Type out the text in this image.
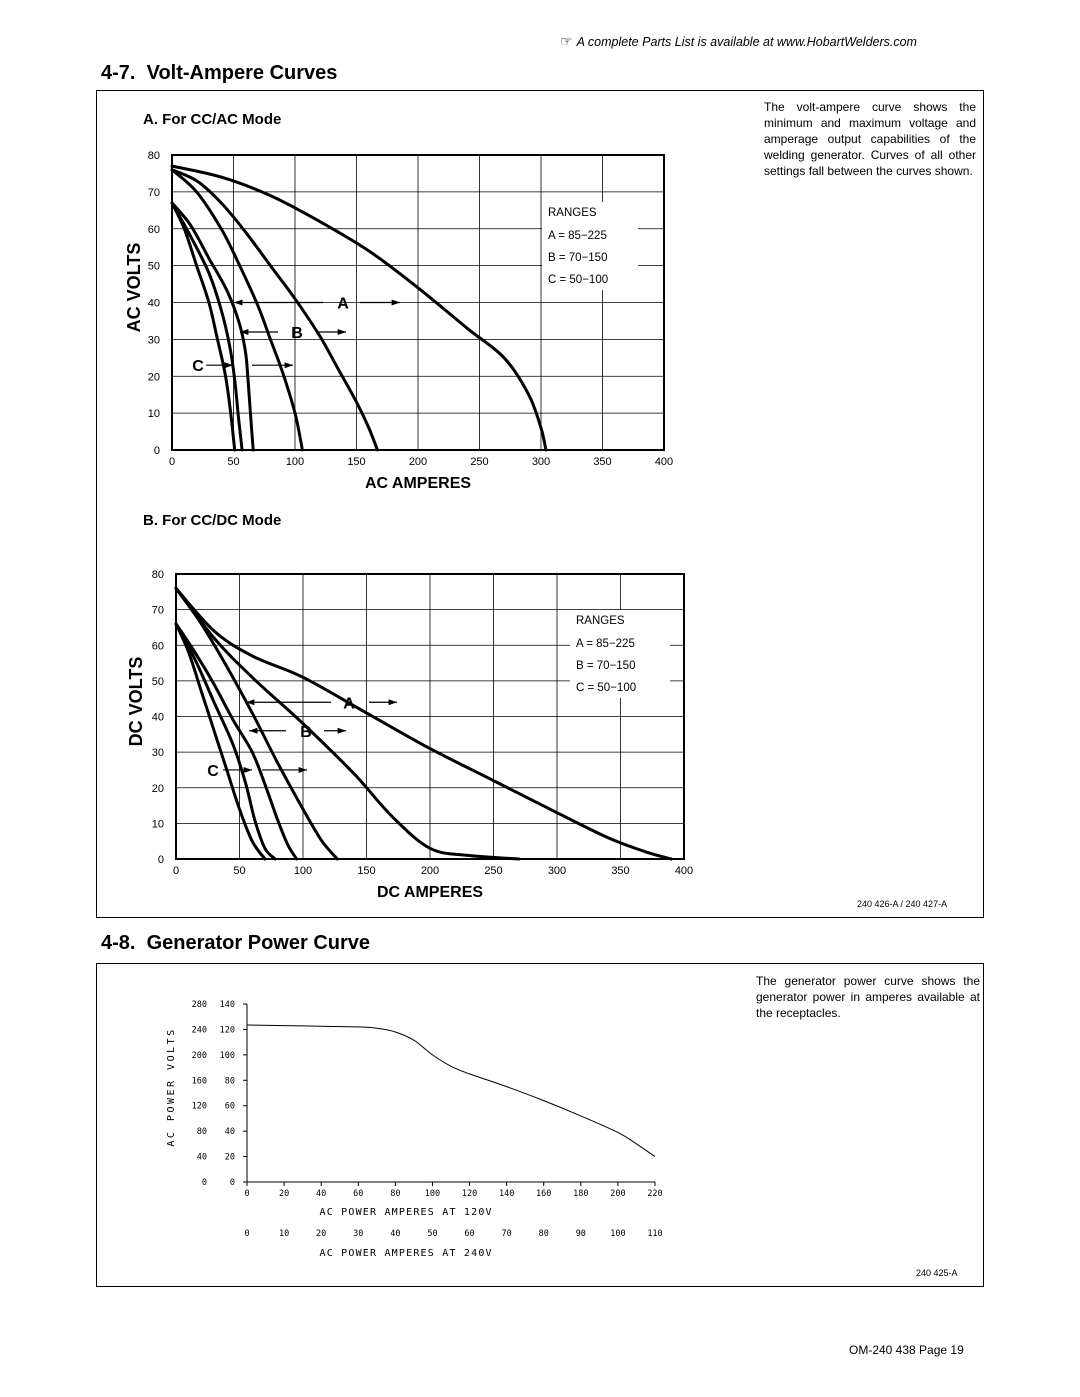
☞ A complete Parts List is available at www.HobartWelders.com
4-7. Volt-Ampere Curves
The volt-ampere curve shows the minimum and maximum voltage and amperage output capabilities of the welding generator. Curves of all other settings fall between the curves shown.
A. For CC/AC Mode
B. For CC/DC Mode
0	50	100	150	200	250	300	350	400
0
10
20
30
40
50
60
70
80
RANGES
A = 85−225
B = 70−150
C = 50−100
A
B
C
AC AMPERES
AC VOLTS
0	50	100	150	200	250	300	350	400
0
10
20
30
40
50
60
70
80
RANGES
A = 85−225
B = 70−150
C = 50−100
A
B
C
DC AMPERES
DC VOLTS
240 426-A / 240 427-A
4-8. Generator Power Curve
The generator power curve shows the generator power in amperes available at the receptacles.
0	0
40 20
80 40
120 60
160 80
200 100
240 120
280 140
0
0
20
10
40
20
60
30
80
40
100
50
120
60
140
70
160
80
180
90
200
100
220
110
AC POWER AMPERES AT 120V
AC POWER AMPERES AT 240V
AC POWER VOLTS
240 425-A
OM-240 438 Page 19
